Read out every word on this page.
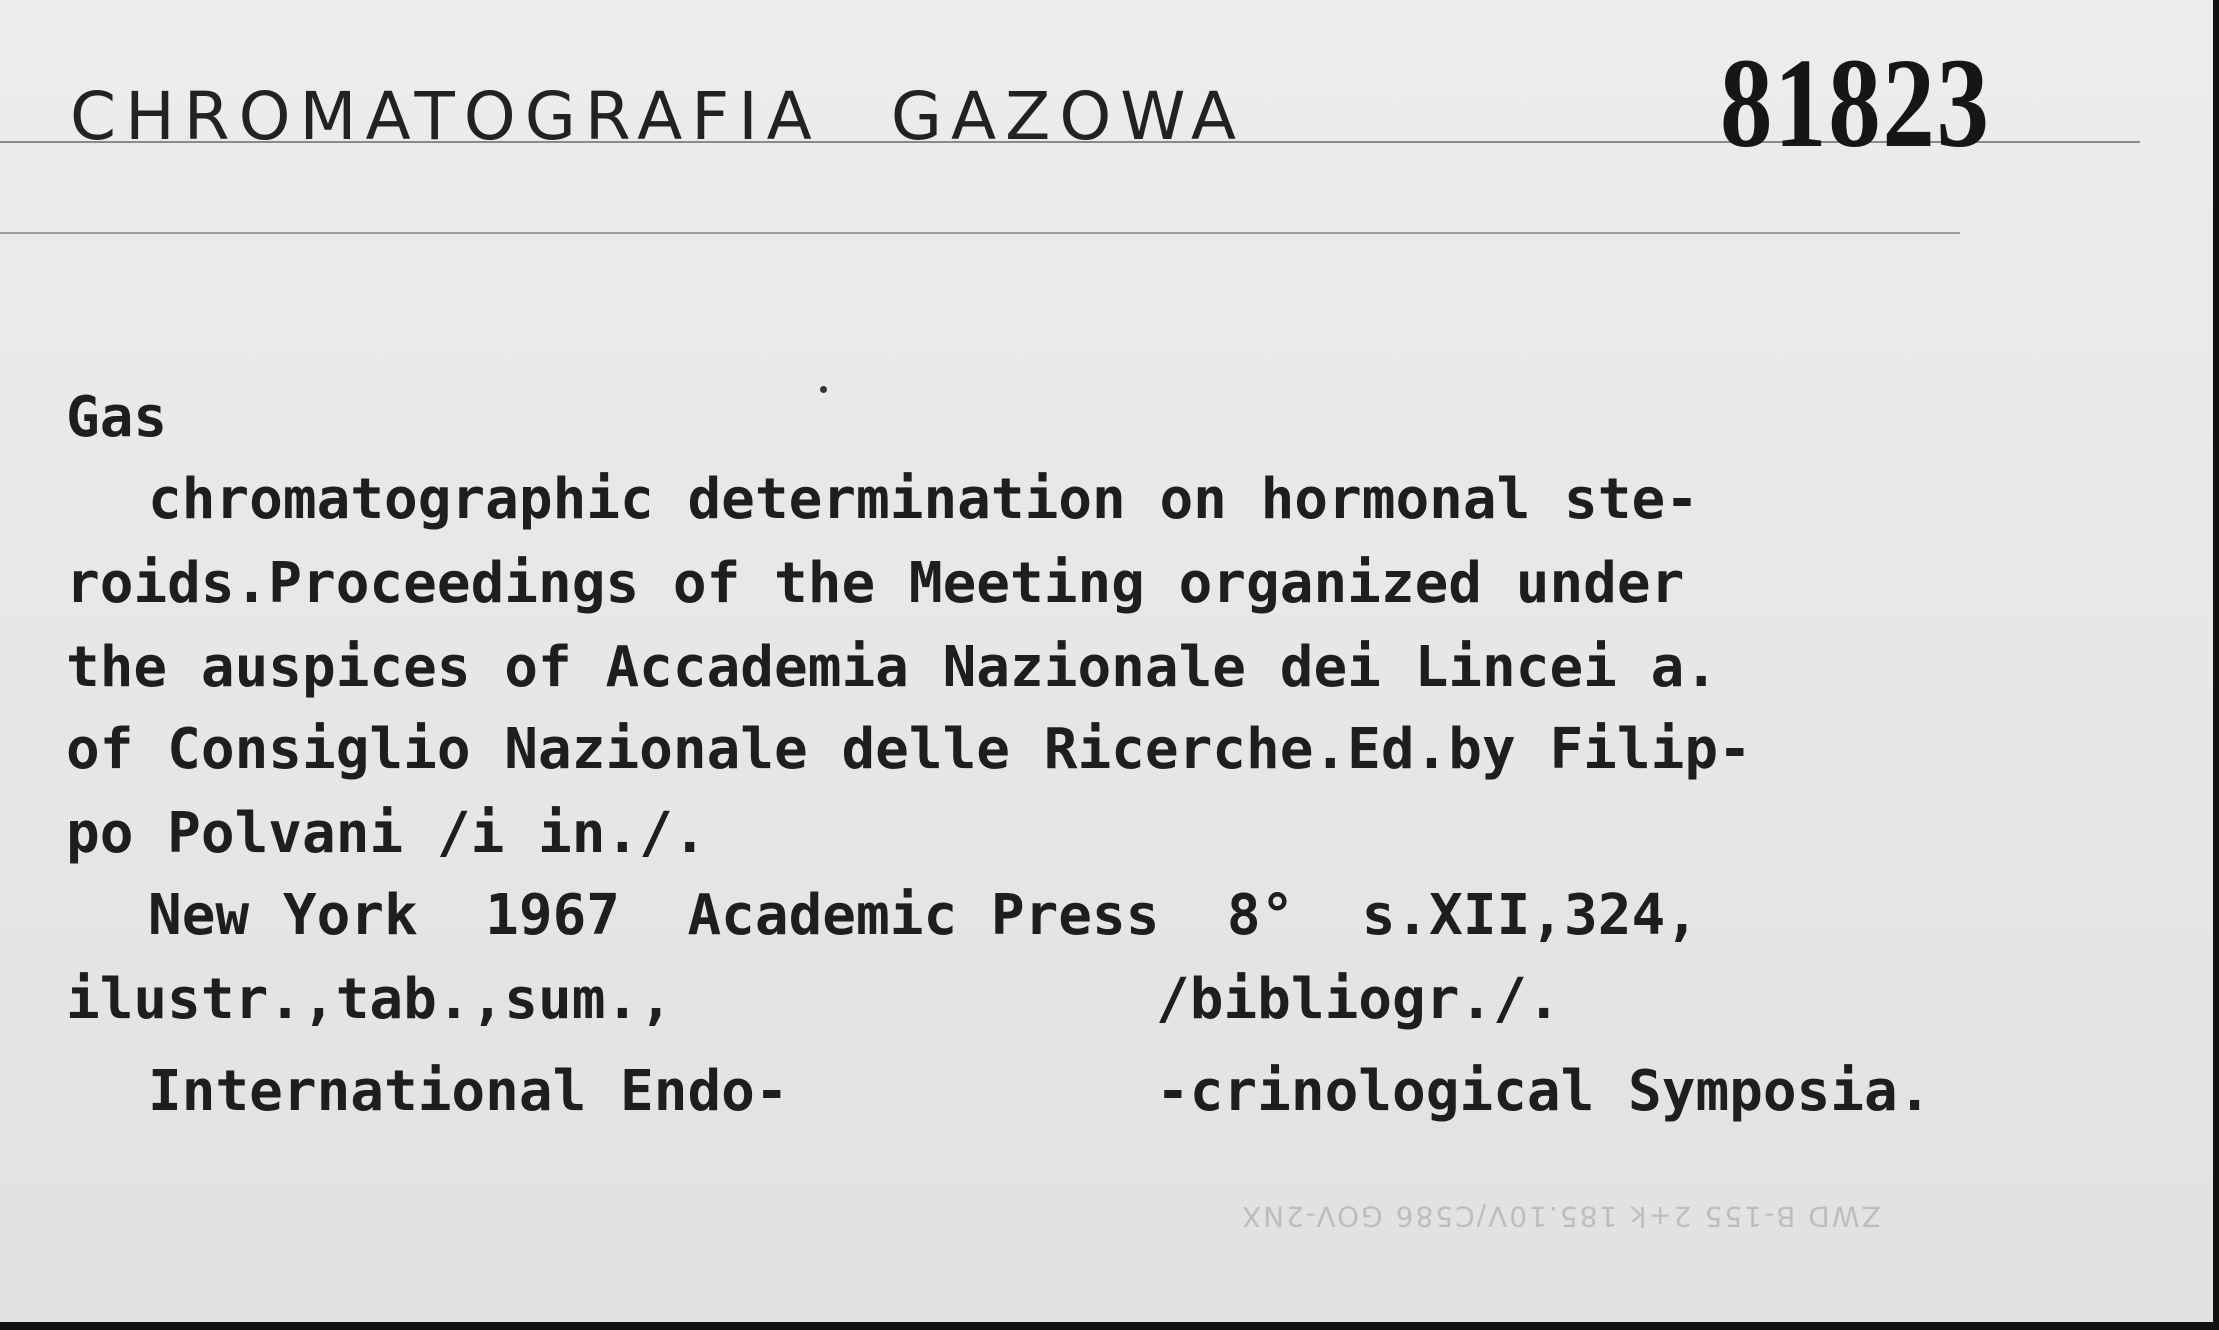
CHROMATOGRAFIA GAZOWA	81823
Gas
chromatographic determination on hormonal ste-
roids.Proceedings of the Meeting organized under
the auspices of Accademia Nazionale dei Lincei a.
of Consiglio Nazionale delle Ricerche.Ed.by Filip-
po Polvani /i in./.
New York  1967  Academic Press  8°  s.XII,324,
ilustr.,tab.,sum.,	/bibliogr./.
International Endo-	-crinological Symposia.
ZWD B-155 2+k 185.10V/C586 GOV-2NX
